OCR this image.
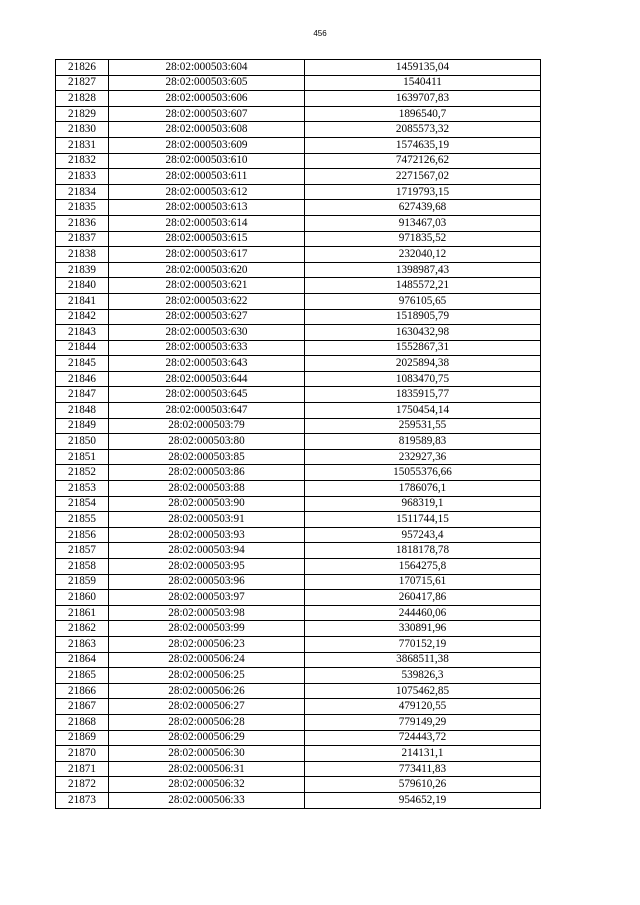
456
21826	28:02:000503:604	1459135,04
21827	28:02:000503:605	1540411
21828	28:02:000503:606	1639707,83
21829	28:02:000503:607	1896540,7
21830	28:02:000503:608	2085573,32
21831	28:02:000503:609	1574635,19
21832	28:02:000503:610	7472126,62
21833	28:02:000503:611	2271567,02
21834	28:02:000503:612	1719793,15
21835	28:02:000503:613	627439,68
21836	28:02:000503:614	913467,03
21837	28:02:000503:615	971835,52
21838	28:02:000503:617	232040,12
21839	28:02:000503:620	1398987,43
21840	28:02:000503:621	1485572,21
21841	28:02:000503:622	976105,65
21842	28:02:000503:627	1518905,79
21843	28:02:000503:630	1630432,98
21844	28:02:000503:633	1552867,31
21845	28:02:000503:643	2025894,38
21846	28:02:000503:644	1083470,75
21847	28:02:000503:645	1835915,77
21848	28:02:000503:647	1750454,14
21849	28:02:000503:79	259531,55
21850	28:02:000503:80	819589,83
21851	28:02:000503:85	232927,36
21852	28:02:000503:86	15055376,66
21853	28:02:000503:88	1786076,1
21854	28:02:000503:90	968319,1
21855	28:02:000503:91	1511744,15
21856	28:02:000503:93	957243,4
21857	28:02:000503:94	1818178,78
21858	28:02:000503:95	1564275,8
21859	28:02:000503:96	170715,61
21860	28:02:000503:97	260417,86
21861	28:02:000503:98	244460,06
21862	28:02:000503:99	330891,96
21863	28:02:000506:23	770152,19
21864	28:02:000506:24	3868511,38
21865	28:02:000506:25	539826,3
21866	28:02:000506:26	1075462,85
21867	28:02:000506:27	479120,55
21868	28:02:000506:28	779149,29
21869	28:02:000506:29	724443,72
21870	28:02:000506:30	214131,1
21871	28:02:000506:31	773411,83
21872	28:02:000506:32	579610,26
21873	28:02:000506:33	954652,19
